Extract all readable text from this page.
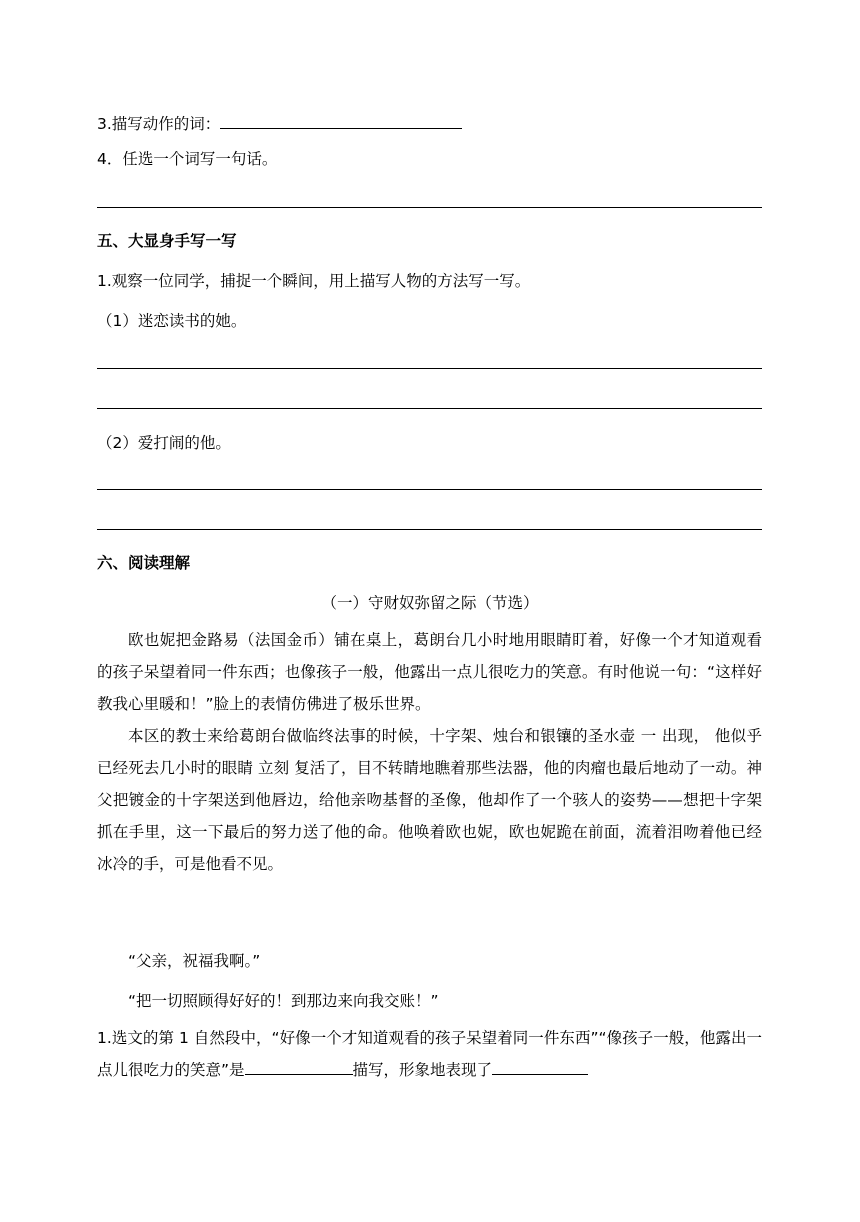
3.描写动作的词：
4．任选一个词写一句话。
五、大显身手写一写
1.观察一位同学，捕捉一个瞬间，用上描写人物的方法写一写。
（1）迷恋读书的她。
（2）爱打闹的他。
六、阅读理解
（一）守财奴弥留之际（节选）
欧也妮把金路易（法国金币）铺在桌上，葛朗台几小时地用眼睛盯着，好像一个才知道观看的孩子呆望着同一件东西；也像孩子一般，他露出一点儿很吃力的笑意。有时他说一句：“这样好教我心里暖和！”脸上的表情仿佛进了极乐世界。
本区的教士来给葛朗台做临终法事的时候，十字架、烛台和银镶的圣水壶 一 出现， 他似乎 已经死去几小时的眼睛 立刻 复活了，目不转睛地瞧着那些法器，他的肉瘤也最后地动了一动。神父把镀金的十字架送到他唇边，给他亲吻基督的圣像，他却作了一个骇人的姿势——想把十字架抓在手里，这一下最后的努力送了他的命。他唤着欧也妮，欧也妮跪在前面，流着泪吻着他已经冰冷的手，可是他看不见。
“父亲，祝福我啊。”
“把一切照顾得好好的！到那边来向我交账！”
1.选文的第 1 自然段中，“好像一个才知道观看的孩子呆望着同一件东西”“像孩子一般，他露出一点儿很吃力的笑意”是	描写，形象地表现了
